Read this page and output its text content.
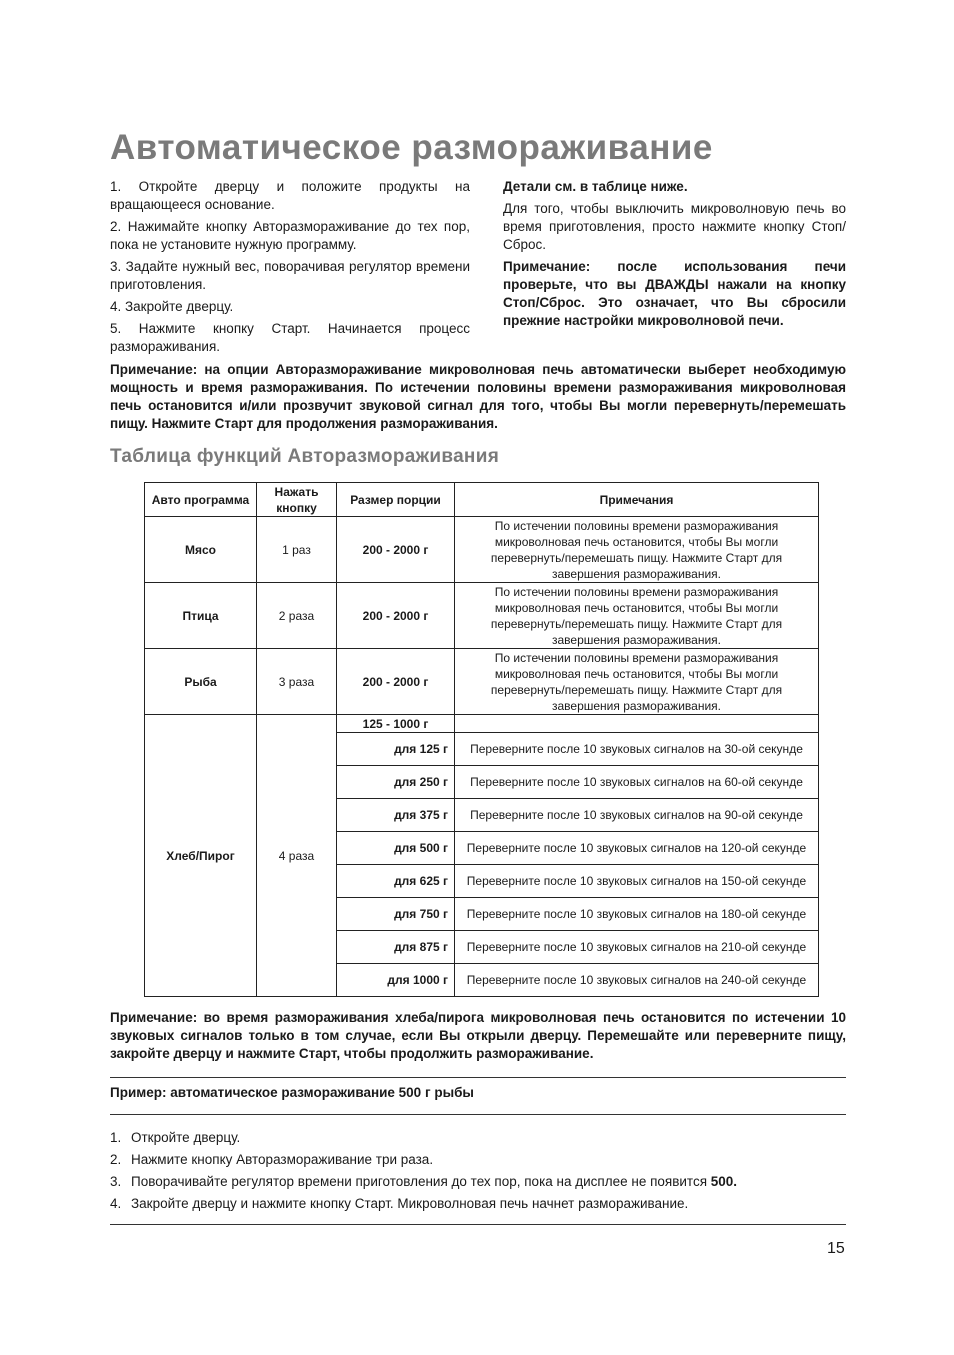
Автоматическое размораживание

1. Откройте дверцу и положите продукты на вращающееся основание.

2. Нажимайте кнопку Авторазмораживание до тех пор, пока не установите нужную программу.

3. Задайте нужный вес, поворачивая регулятор времени приготовления.

4. Закройте дверцу.

5. Нажмите кнопку Старт. Начинается процесс размораживания.

Детали см. в таблице ниже.

Для того, чтобы выключить микроволновую печь во время приготовления, просто нажмите кнопку Стоп/Сброс.

Примечание: после использования печи проверьте, что вы ДВАЖДЫ нажали на кнопку Стоп/Сброс. Это означает, что Вы сбросили прежние настройки микроволновой печи.

Примечание: на опции Авторазмораживание микроволновая печь автоматически выберет необходимую мощность и время размораживания. По истечении половины времени размораживания микроволновая печь остановится и/или прозвучит звуковой сигнал для того, чтобы Вы могли перевернуть/перемешать пищу. Нажмите Старт для продолжения размораживания.

Таблица функций Авторазмораживания
Авто программа	Нажать кнопку	Размер порции	Примечания
Мясо	1 раз	200 - 2000 г	По истечении половины времени размораживания микроволновая печь остановится, чтобы Вы могли перевернуть/перемешать пищу. Нажмите Старт для завершения размораживания.
Птица	2 раза	200 - 2000 г	По истечении половины времени размораживания микроволновая печь остановится, чтобы Вы могли перевернуть/перемешать пищу. Нажмите Старт для завершения размораживания.
Рыба	3 раза	200 - 2000 г	По истечении половины времени размораживания микроволновая печь остановится, чтобы Вы могли перевернуть/перемешать пищу. Нажмите Старт для завершения размораживания.
Хлеб/Пирог	4 раза	125 - 1000 г	
		для 125 г	Переверните после 10 звуковых сигналов на 30-ой секунде
		для 250 г	Переверните после 10 звуковых сигналов на 60-ой секунде
		для 375 г	Переверните после 10 звуковых сигналов на 90-ой секунде
		для 500 г	Переверните после 10 звуковых сигналов на 120-ой секунде
		для 625 г	Переверните после 10 звуковых сигналов на 150-ой секунде
		для 750 г	Переверните после 10 звуковых сигналов на 180-ой секунде
		для 875 г	Переверните после 10 звуковых сигналов на 210-ой секунде
		для 1000 г	Переверните после 10 звуковых сигналов на 240-ой секунде

Примечание: во время размораживания хлеба/пирога микроволновая печь остановится по истечении 10 звуковых сигналов только в том случае, если Вы открыли дверцу. Перемешайте или переверните пищу, закройте дверцу и нажмите Старт, чтобы продолжить размораживание.

Пример: автоматическое размораживание 500 г рыбы

1. Откройте дверцу.
2. Нажмите кнопку Авторазмораживание три раза.
3. Поворачивайте регулятор времени приготовления до тех пор, пока на дисплее не появится 500.
4. Закройте дверцу и нажмите кнопку Старт. Микроволновая печь начнет размораживание.

15
